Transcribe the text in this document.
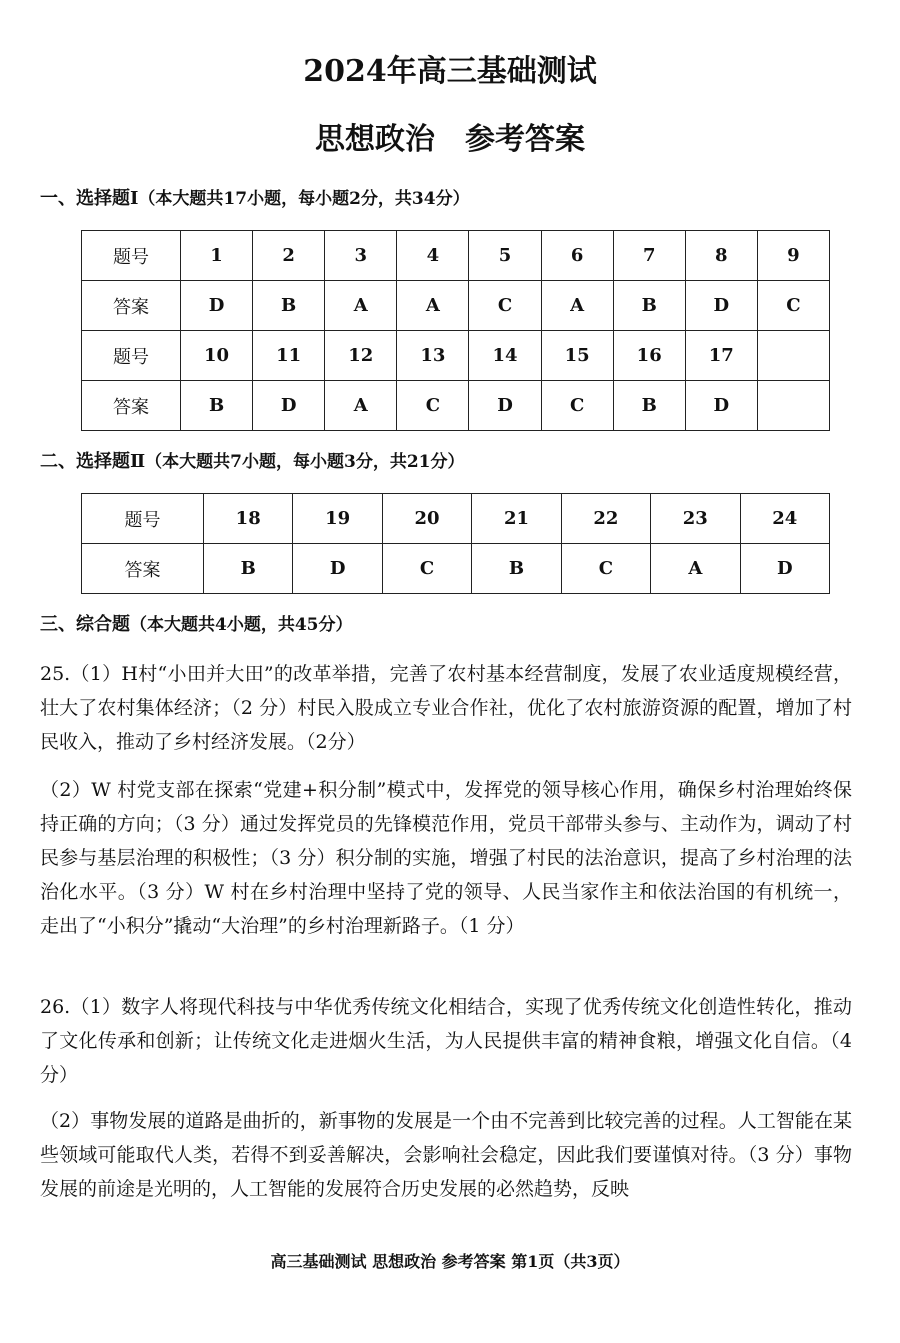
2024年高三基础测试
思想政治　参考答案
一、选择题Ⅰ（本大题共17小题，每小题2分，共34分）
题号	1	2	3	4	5	6	7	8	9
答案	D	B	A	A	C	A	B	D	C
题号	10	11	12	13	14	15	16	17	
答案	B	D	A	C	D	C	B	D	
二、选择题Ⅱ（本大题共7小题，每小题3分，共21分）
题号	18	19	20	21	22	23	24
答案	B	D	C	B	C	A	D
三、综合题（本大题共4小题，共45分）

25.（1）H村“小田并大田”的改革举措，完善了农村基本经营制度，发展了农业适度规模经营，壮大了农村集体经济；（2 分）村民入股成立专业合作社，优化了农村旅游资源的配置，增加了村民收入，推动了乡村经济发展。（2分）

（2）W 村党支部在探索“党建+积分制”模式中，发挥党的领导核心作用，确保乡村治理始终保持正确的方向；（3 分）通过发挥党员的先锋模范作用，党员干部带头参与、主动作为，调动了村民参与基层治理的积极性；（3 分）积分制的实施，增强了村民的法治意识，提高了乡村治理的法治化水平。（3 分）W 村在乡村治理中坚持了党的领导、人民当家作主和依法治国的有机统一，走出了“小积分”撬动“大治理”的乡村治理新路子。（1 分）

26.（1）数字人将现代科技与中华优秀传统文化相结合，实现了优秀传统文化创造性转化，推动了文化传承和创新；让传统文化走进烟火生活，为人民提供丰富的精神食粮，增强文化自信。（4分）

（2）事物发展的道路是曲折的，新事物的发展是一个由不完善到比较完善的过程。人工智能在某些领域可能取代人类，若得不到妥善解决，会影响社会稳定，因此我们要谨慎对待。（3 分）事物发展的前途是光明的，人工智能的发展符合历史发展的必然趋势，反映

高三基础测试 思想政治 参考答案 第1页（共3页）
